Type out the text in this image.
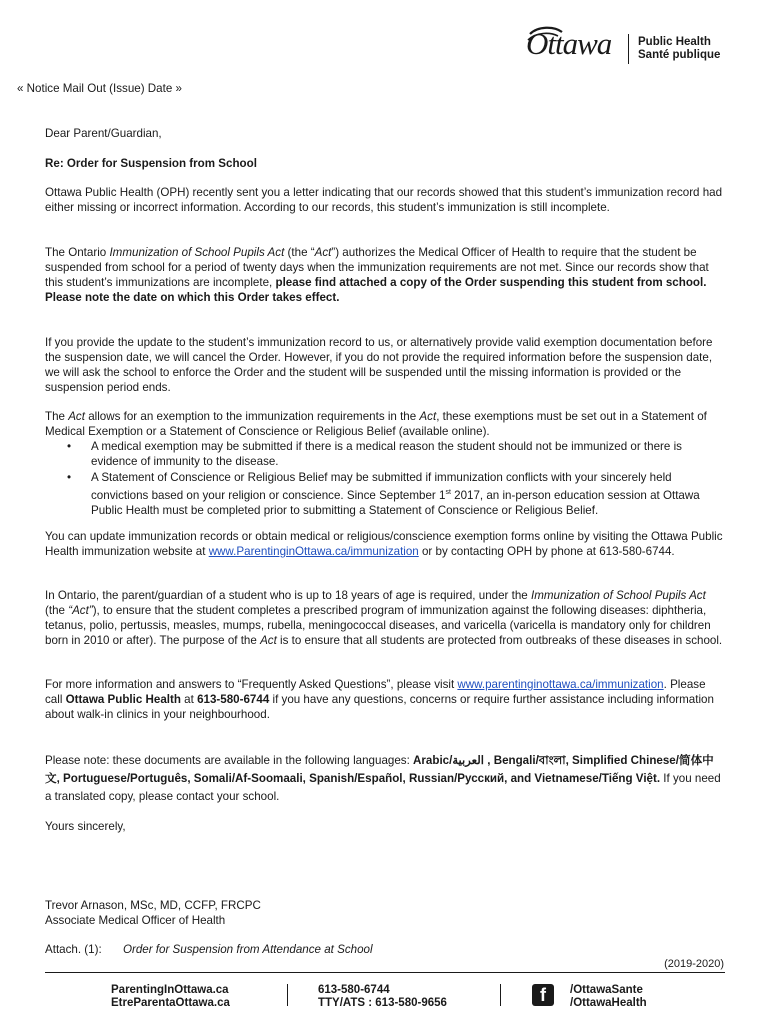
Ottawa Public Health
Santé publique
« Notice Mail Out (Issue) Date »
Dear Parent/Guardian,
Re: Order for Suspension from School
Ottawa Public Health (OPH) recently sent you a letter indicating that our records showed that this student’s immunization record had either missing or incorrect information. According to our records, this student’s immunization is still incomplete.
The Ontario Immunization of School Pupils Act (the “Act”) authorizes the Medical Officer of Health to require that the student be suspended from school for a period of twenty days when the immunization requirements are not met. Since our records show that this student’s immunizations are incomplete, please find attached a copy of the Order suspending this student from school. Please note the date on which this Order takes effect.
If you provide the update to the student’s immunization record to us, or alternatively provide valid exemption documentation before the suspension date, we will cancel the Order. However, if you do not provide the required information before the suspension date, we will ask the school to enforce the Order and the student will be suspended until the missing information is provided or the suspension period ends.
The Act allows for an exemption to the immunization requirements in the Act, these exemptions must be set out in a Statement of Medical Exemption or a Statement of Conscience or Religious Belief (available online).
• A medical exemption may be submitted if there is a medical reason the student should not be immunized or there is evidence of immunity to the disease.
• A Statement of Conscience or Religious Belief may be submitted if immunization conflicts with your sincerely held convictions based on your religion or conscience. Since September 1st 2017, an in-person education session at Ottawa Public Health must be completed prior to submitting a Statement of Conscience or Religious Belief.
You can update immunization records or obtain medical or religious/conscience exemption forms online by visiting the Ottawa Public Health immunization website at www.ParentinginOttawa.ca/immunization or by contacting OPH by phone at 613-580-6744.
In Ontario, the parent/guardian of a student who is up to 18 years of age is required, under the Immunization of School Pupils Act (the “Act”), to ensure that the student completes a prescribed program of immunization against the following diseases: diphtheria, tetanus, polio, pertussis, measles, mumps, rubella, meningococcal diseases, and varicella (varicella is mandatory only for children born in 2010 or after). The purpose of the Act is to ensure that all students are protected from outbreaks of these diseases in school.
For more information and answers to “Frequently Asked Questions”, please visit www.parentinginottawa.ca/immunization. Please call Ottawa Public Health at 613-580-6744 if you have any questions, concerns or require further assistance including information about walk-in clinics in your neighbourhood.
Please note: these documents are available in the following languages: Arabic/العربية , Bengali/বাংলা, Simplified Chinese/简体中文, Portuguese/Português, Somali/Af-Soomaali, Spanish/Español, Russian/Русский, and Vietnamese/Tiếng Việt. If you need a translated copy, please contact your school.
Yours sincerely,
Trevor Arnason, MSc, MD, CCFP, FRCPC
Associate Medical Officer of Health
Attach. (1): Order for Suspension from Attendance at School
(2019-2020)
ParentingInOttawa.ca
EtreParentaOttawa.ca
613-580-6744
TTY/ATS : 613-580-9656	f	/OttawaSante
/OttawaHealth
